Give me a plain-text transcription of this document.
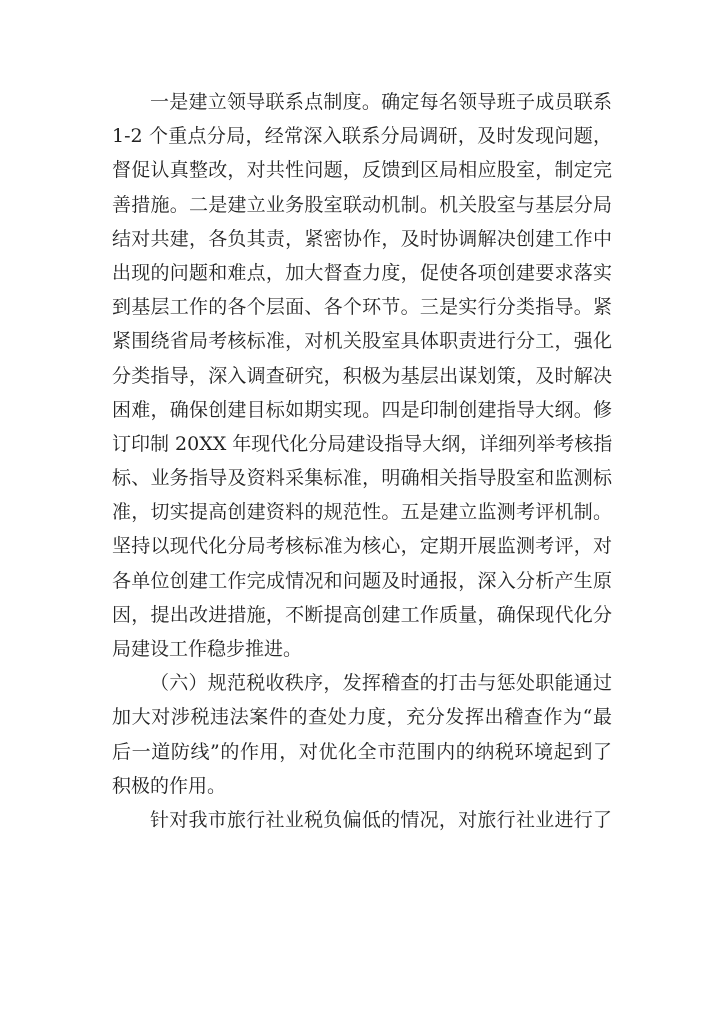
一是建立领导联系点制度。确定每名领导班子成员联系
1-2 个重点分局，经常深入联系分局调研，及时发现问题，
督促认真整改，对共性问题，反馈到区局相应股室，制定完
善措施。二是建立业务股室联动机制。机关股室与基层分局
结对共建，各负其责，紧密协作，及时协调解决创建工作中
出现的问题和难点，加大督查力度，促使各项创建要求落实
到基层工作的各个层面、各个环节。三是实行分类指导。紧
紧围绕省局考核标准，对机关股室具体职责进行分工，强化
分类指导，深入调查研究，积极为基层出谋划策，及时解决
困难，确保创建目标如期实现。四是印制创建指导大纲。修
订印制 20XX 年现代化分局建设指导大纲，详细列举考核指
标、业务指导及资料采集标准，明确相关指导股室和监测标
准，切实提高创建资料的规范性。五是建立监测考评机制。
坚持以现代化分局考核标准为核心，定期开展监测考评，对
各单位创建工作完成情况和问题及时通报，深入分析产生原
因，提出改进措施，不断提高创建工作质量，确保现代化分
局建设工作稳步推进。
（六）规范税收秩序，发挥稽查的打击与惩处职能通过
加大对涉税违法案件的查处力度，充分发挥出稽查作为“最
后一道防线”的作用，对优化全市范围内的纳税环境起到了
积极的作用。
针对我市旅行社业税负偏低的情况，对旅行社业进行了
